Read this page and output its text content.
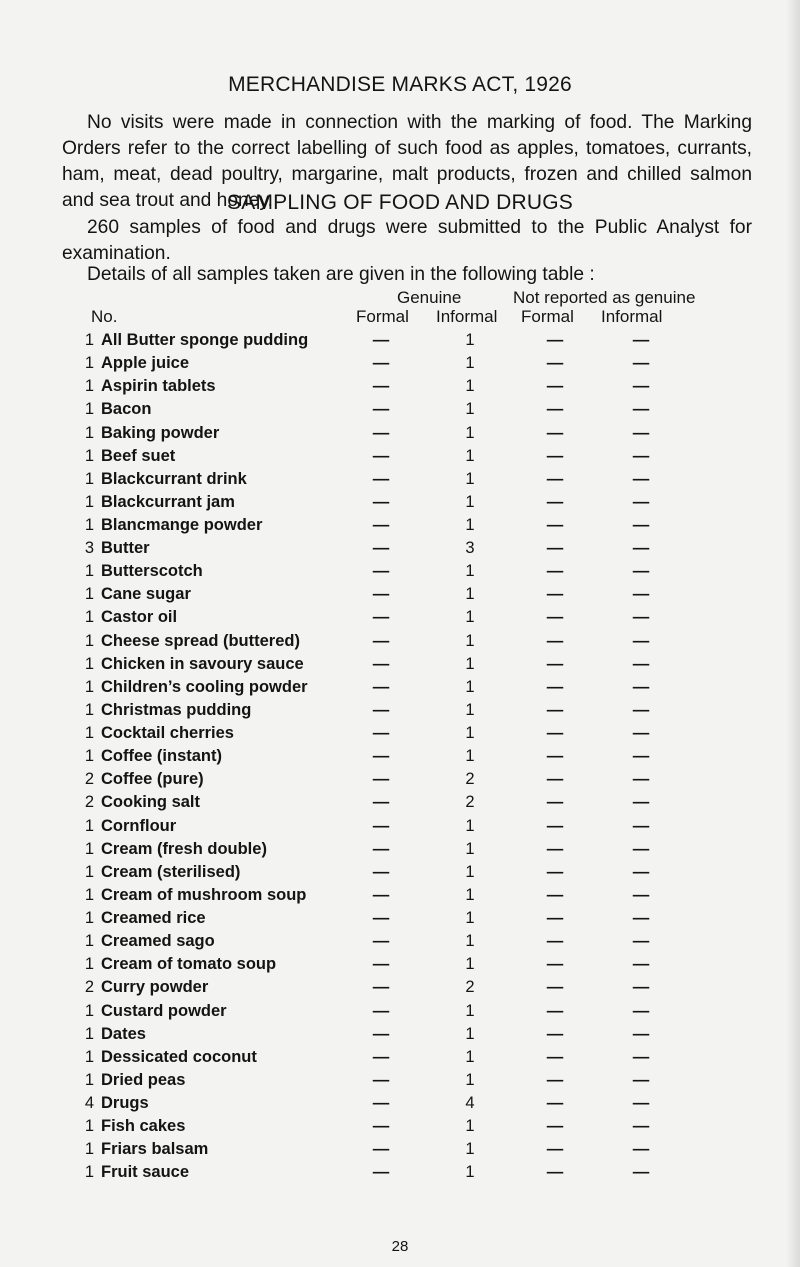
MERCHANDISE MARKS ACT, 1926
No visits were made in connection with the marking of food. The Marking Orders refer to the correct labelling of such food as apples, tomatoes, currants, ham, meat, dead poultry, margarine, malt products, frozen and chilled salmon and sea trout and honey.
SAMPLING OF FOOD AND DRUGS
260 samples of food and drugs were submitted to the Public Analyst for examination.
Details of all samples taken are given in the following table :
Genuine	Not reported as genuine
No.	Formal Informal Formal Informal
1 All Butter sponge pudding	—	1	—	—
1 Apple juice	—	1	—	—
1 Aspirin tablets	—	1	—	—
1 Bacon	—	1	—	—
1 Baking powder	—	1	—	—
1 Beef suet	—	1	—	—
1 Blackcurrant drink	—	1	—	—
1 Blackcurrant jam	—	1	—	—
1 Blancmange powder	—	1	—	—
3 Butter	—	3	—	—
1 Butterscotch	—	1	—	—
1 Cane sugar	—	1	—	—
1 Castor oil	—	1	—	—
1 Cheese spread (buttered)	—	1	—	—
1 Chicken in savoury sauce	—	1	—	—
1 Children’s cooling powder	—	1	—	—
1 Christmas pudding	—	1	—	—
1 Cocktail cherries	—	1	—	—
1 Coffee (instant)	—	1	—	—
2 Coffee (pure)	—	2	—	—
2 Cooking salt	—	2	—	—
1 Cornflour	—	1	—	—
1 Cream (fresh double)	—	1	—	—
1 Cream (sterilised)	—	1	—	—
1 Cream of mushroom soup	—	1	—	—
1 Creamed rice	—	1	—	—
1 Creamed sago	—	1	—	—
1 Cream of tomato soup	—	1	—	—
2 Curry powder	—	2	—	—
1 Custard powder	—	1	—	—
1 Dates	—	1	—	—
1 Dessicated coconut	—	1	—	—
1 Dried peas	—	1	—	—
4 Drugs	—	4	—	—
1 Fish cakes	—	1	—	—
1 Friars balsam	—	1	—	—
1 Fruit sauce	—	1	—	—
28
